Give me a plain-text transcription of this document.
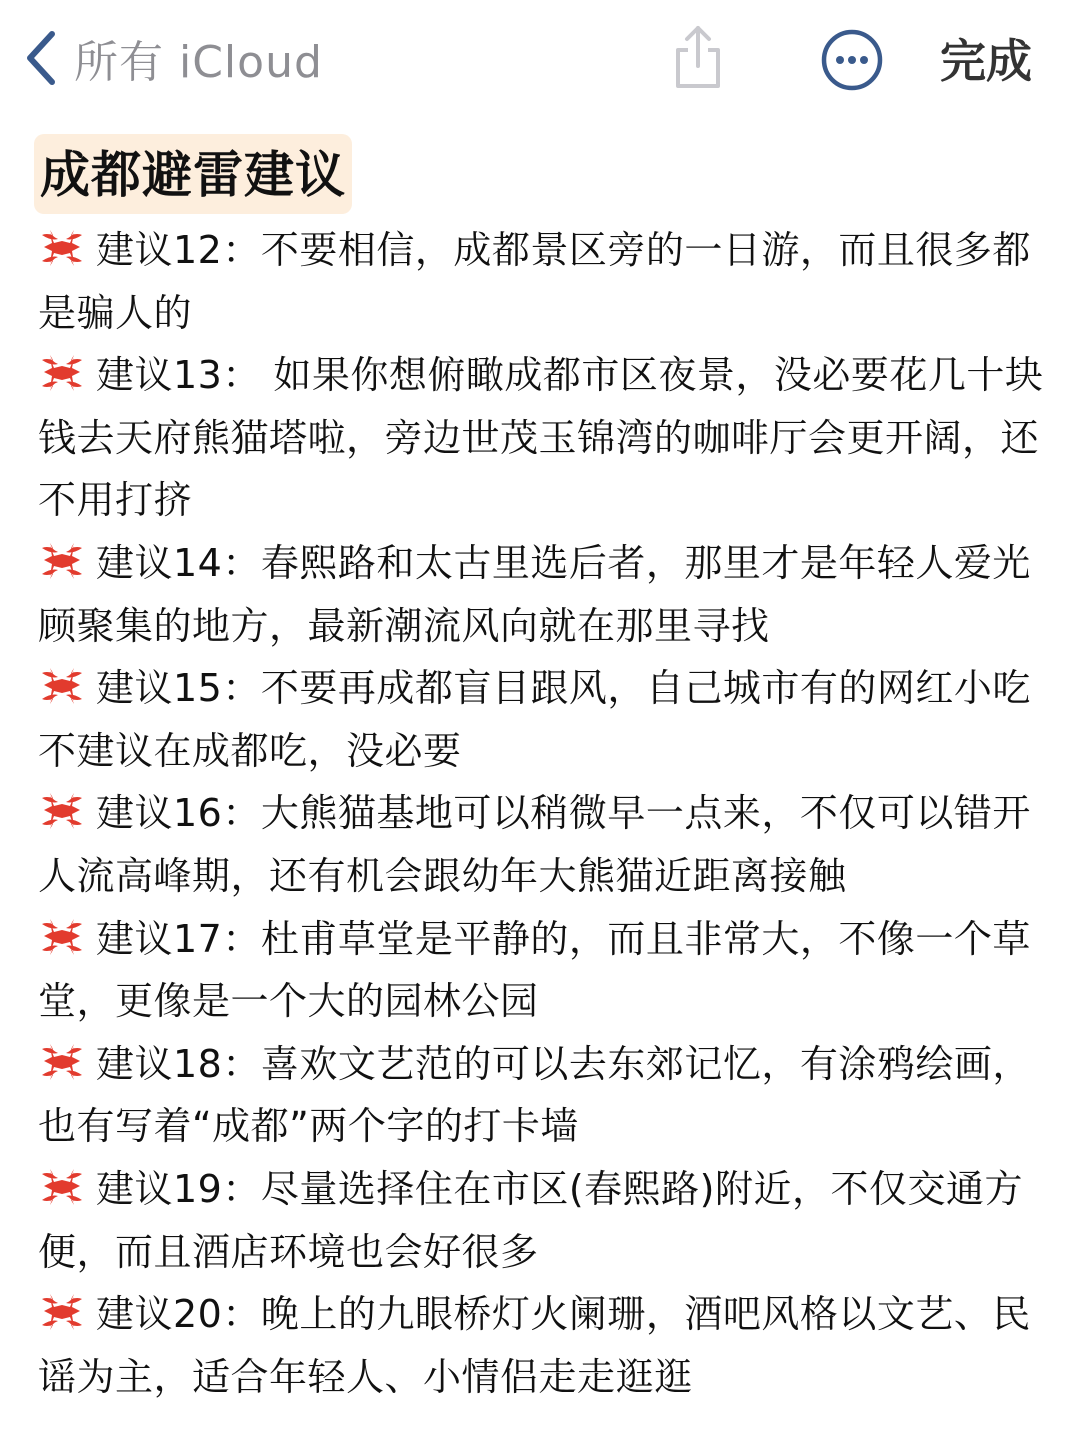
所有 iCloud	完成
成都避雷建议
建议12：不要相信，成都景区旁的一日游，而且很多都是骗人的
建议13： 如果你想俯瞰成都市区夜景，没必要花几十块钱去天府熊猫塔啦，旁边世茂玉锦湾的咖啡厅会更开阔，还不用打挤
建议14：春熙路和太古里选后者，那里才是年轻人爱光顾聚集的地方，最新潮流风向就在那里寻找
建议15：不要再成都盲目跟风，自己城市有的网红小吃不建议在成都吃，没必要
建议16：大熊猫基地可以稍微早一点来，不仅可以错开人流高峰期，还有机会跟幼年大熊猫近距离接触
建议17：杜甫草堂是平静的，而且非常大，不像一个草堂，更像是一个大的园林公园
建议18：喜欢文艺范的可以去东郊记忆，有涂鸦绘画，也有写着“成都”两个字的打卡墙
建议19：尽量选择住在市区(春熙路)附近，不仅交通方便，而且酒店环境也会好很多
建议20：晚上的九眼桥灯火阑珊，酒吧风格以文艺、民谣为主，适合年轻人、小情侣走走逛逛
